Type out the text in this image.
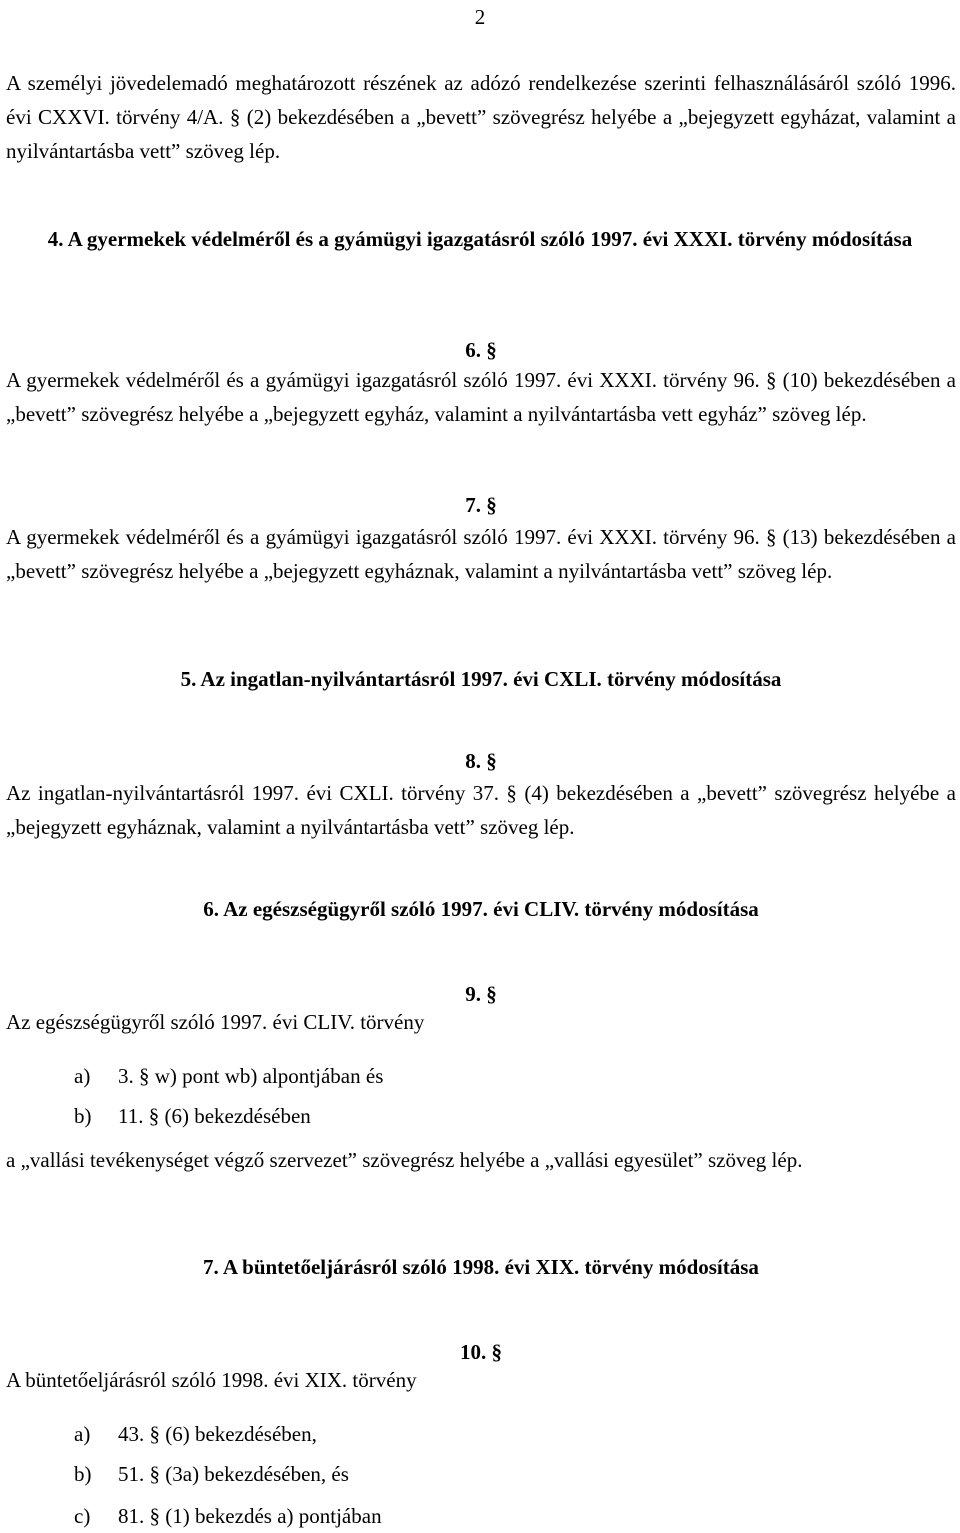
2

A személyi jövedelemadó meghatározott részének az adózó rendelkezése szerinti felhasználásáról szóló 1996. évi CXXVI. törvény 4/A. § (2) bekezdésében a „bevett” szövegrész helyébe a „bejegyzett egyházat, valamint a nyilvántartásba vett” szöveg lép.

4. A gyermekek védelméről és a gyámügyi igazgatásról szóló 1997. évi XXXI. törvény módosítása

6. §

A gyermekek védelméről és a gyámügyi igazgatásról szóló 1997. évi XXXI. törvény 96. § (10) bekezdésében a „bevett” szövegrész helyébe a „bejegyzett egyház, valamint a nyilvántartásba vett egyház” szöveg lép.

7. §

A gyermekek védelméről és a gyámügyi igazgatásról szóló 1997. évi XXXI. törvény 96. § (13) bekezdésében a „bevett” szövegrész helyébe a „bejegyzett egyháznak, valamint a nyilvántartásba vett” szöveg lép.

5. Az ingatlan-nyilvántartásról 1997. évi CXLI. törvény módosítása

8. §

Az ingatlan-nyilvántartásról 1997. évi CXLI. törvény 37. § (4) bekezdésében a „bevett” szövegrész helyébe a „bejegyzett egyháznak, valamint a nyilvántartásba vett” szöveg lép.

6. Az egészségügyről szóló 1997. évi CLIV. törvény módosítása

9. §
Az egészségügyről szóló 1997. évi CLIV. törvény
a) 3. § w) pont wb) alpontjában és
b) 11. § (6) bekezdésében

a „vallási tevékenységet végző szervezet” szövegrész helyébe a „vallási egyesület” szöveg lép.

7. A büntetőeljárásról szóló 1998. évi XIX. törvény módosítása

10. §
A büntetőeljárásról szóló 1998. évi XIX. törvény
a) 43. § (6) bekezdésében,
b) 51. § (3a) bekezdésében, és
c) 81. § (1) bekezdés a) pontjában
